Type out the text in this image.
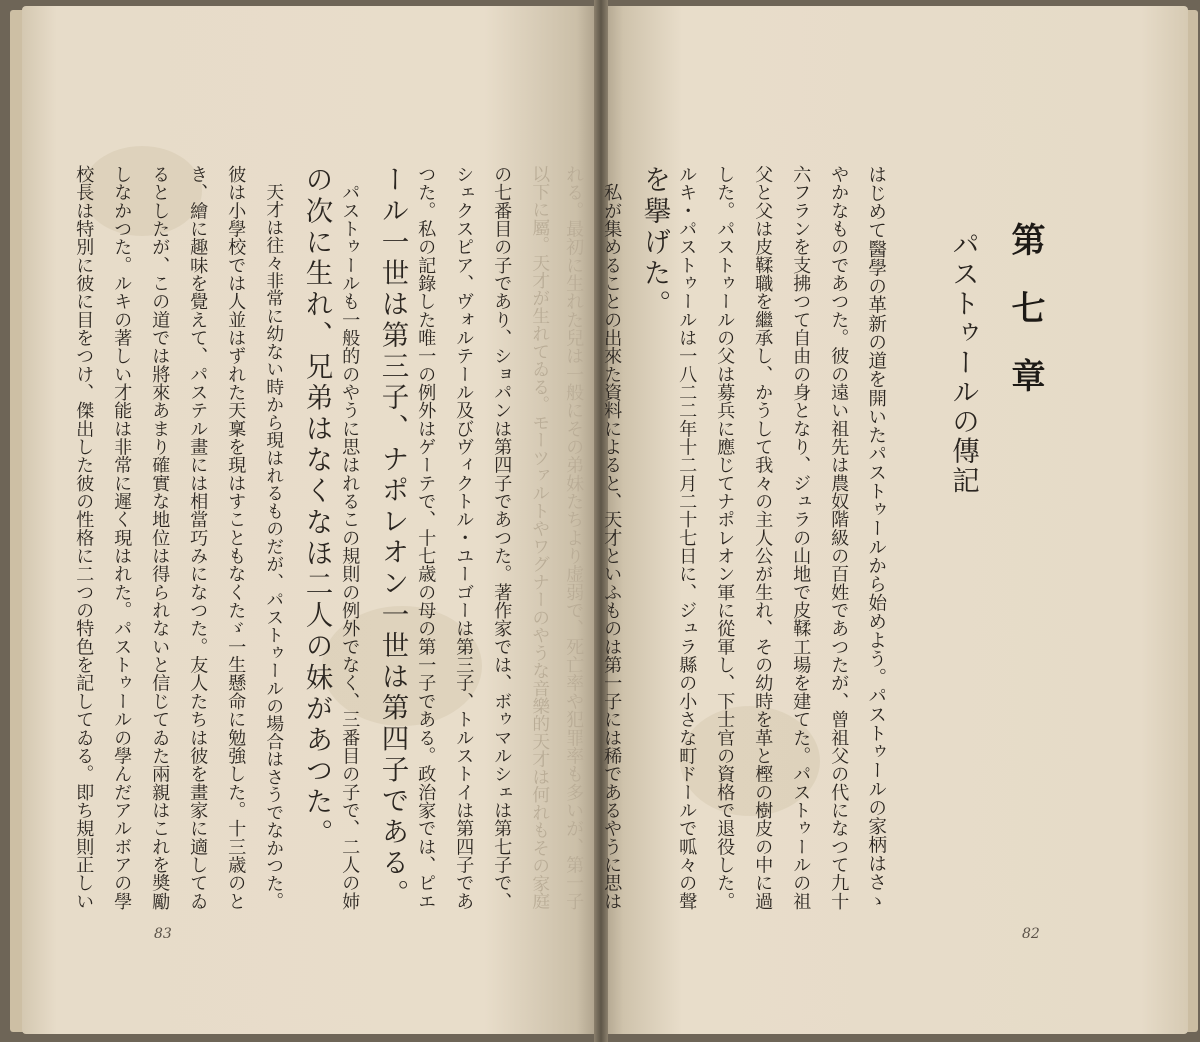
第七章
パストゥールの傳記
はじめて醫學の革新の道を開いたパストゥールから始めよう。パストゥールの家柄はさゝ
やかなものであつた。彼の遠い祖先は農奴階級の百姓であつたが、曾祖父の代になつて九十
六フランを支拂つて自由の身となり、ジュラの山地で皮鞣工場を建てた。パストゥールの祖
父と父は皮鞣職を繼承し、かうして我々の主人公が生れ、その幼時を革と樫の樹皮の中に過
した。パストゥールの父は募兵に應じてナポレオン軍に從軍し、下士官の資格で退役した。
ルキ・パストゥールは一八二二年十二月二十七日に、ジュラ縣の小さな町ドールで呱々の聲
を擧げた。
　私が集めることの出來た資料によると、天才といふものは第一子には稀であるやうに思は
れる。最初に生れた兒は一般にその弟妹たちより虚弱で、死亡率や犯罪率も多いが、第一子
82
以下に屬。天才が生れてゐる。モーツァルトやワグナーのやうな音樂的天才は何れもその家庭
の七番目の子であり、ショパンは第四子であつた。著作家では、ボゥマルシェは第七子で、
シェクスピア、ヴォルテール及びヴィクトル・ユーゴーは第三子、トルストイは第四子であ
つた。私の記錄した唯一の例外はゲーテで、十七歳の母の第一子である。政治家では、ピエ
ール一世は第三子、ナポレオン一世は第四子である。
　パストゥールも一般的のやうに思はれるこの規則の例外でなく、三番目の子で、二人の姉
の次に生れ、兄弟はなくなほ二人の妹があつた。
　天才は往々非常に幼ない時から現はれるものだが、パストゥールの場合はさうでなかつた。
彼は小學校では人並はずれた天稟を現はすこともなくたゞ一生懸命に勉強した。十三歳のと
き、繪に趣味を覺えて、パステル畫には相當巧みになつた。友人たちは彼を畫家に適してゐ
るとしたが、この道では將來あまり確實な地位は得られないと信じてゐた兩親はこれを奬勵
しなかつた。ルキの著しい才能は非常に遲く現はれた。パストゥールの學んだアルボアの學
校長は特別に彼に目をつけ、傑出した彼の性格に二つの特色を記してゐる。即ち規則正しい
83
